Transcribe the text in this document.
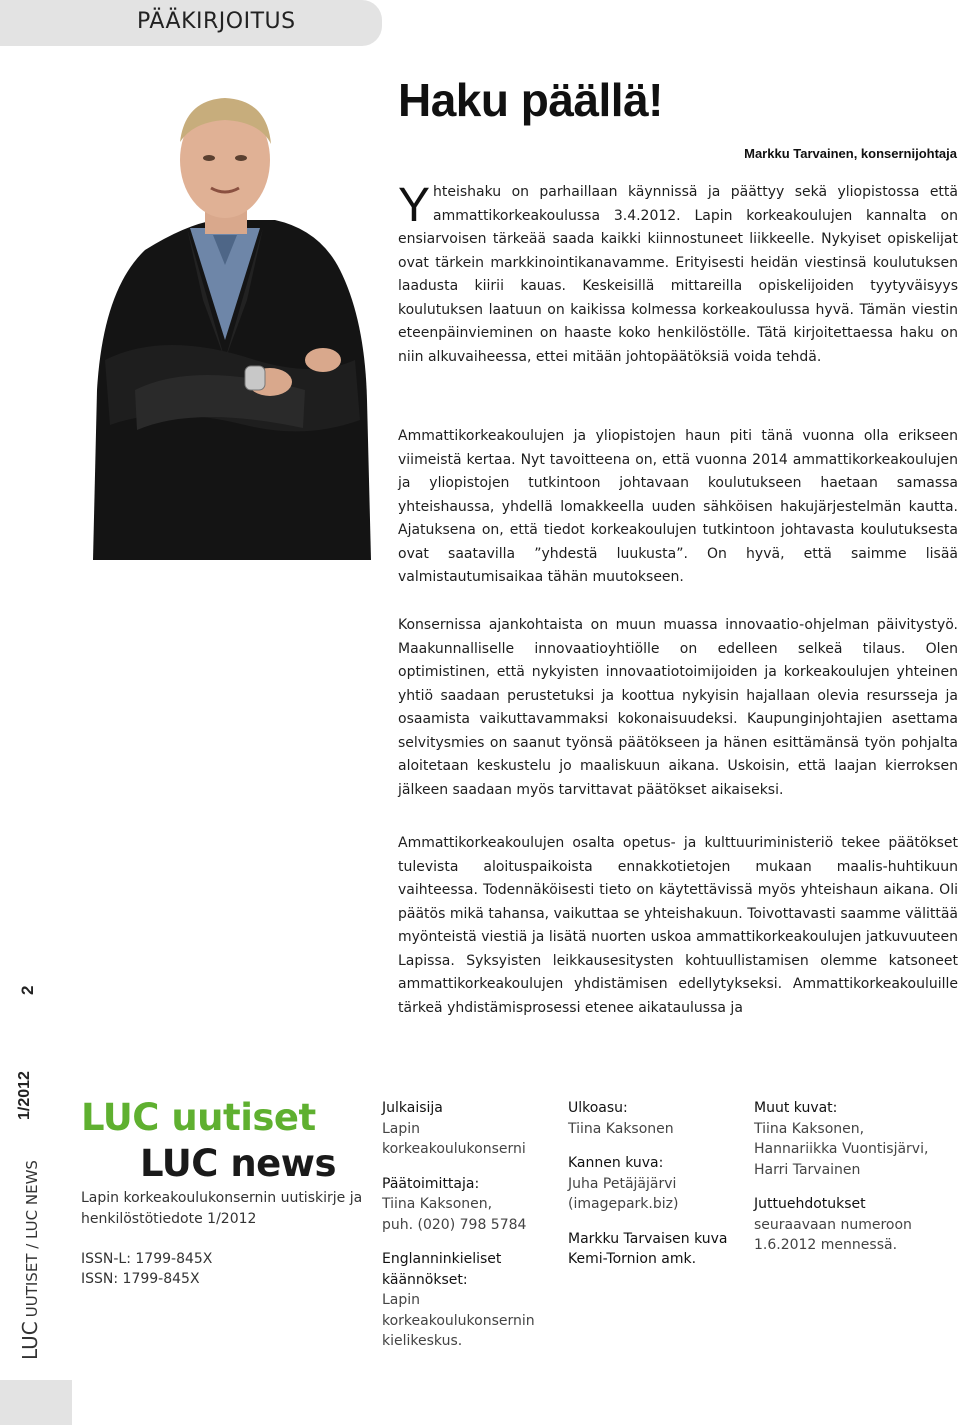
PÄÄKIRJOITUS
Haku päällä!
Markku Tarvainen, konsernijohtaja

Yhteishaku on parhaillaan käynnissä ja päättyy sekä yliopistossa että ammattikorkeakoulussa 3.4.2012. Lapin korkeakoulujen kannalta on ensiarvoisen tärkeää saada kaikki kiinnostuneet liikkeelle. Nykyiset opiskelijat ovat tärkein markkinointikanavamme. Erityisesti heidän viestinsä koulutuksen laadusta kiirii kauas. Keskeisillä mittareilla opiskelijoiden tyytyväisyys koulutuksen laatuun on kaikissa kolmessa korkeakoulussa hyvä. Tämän viestin eteenpäinvieminen on haaste koko henkilöstölle. Tätä kirjoitettaessa haku on niin alkuvaiheessa, ettei mitään johtopäätöksiä voida tehdä.

Ammattikorkeakoulujen ja yliopistojen haun piti tänä vuonna olla erikseen viimeistä kertaa. Nyt tavoitteena on, että vuonna 2014 ammattikorkeakoulujen ja yliopistojen tutkintoon johtavaan koulutukseen haetaan samassa yhteishaussa, yhdellä lomakkeella uuden sähköisen hakujärjestelmän kautta. Ajatuksena on, että tiedot korkeakoulujen tutkintoon johtavasta koulutuksesta ovat saatavilla ”yhdestä luukusta”. On hyvä, että saimme lisää valmistautumisaikaa tähän muutokseen.

Konsernissa ajankohtaista on muun muassa innovaatio-ohjelman päivitystyö. Maakunnalliselle innovaatioyhtiölle on edelleen selkeä tilaus. Olen optimistinen, että nykyisten innovaatiotoimijoiden ja korkeakoulujen yhteinen yhtiö saadaan perustetuksi ja koottua nykyisin hajallaan olevia resursseja ja osaamista vaikuttavammaksi kokonaisuudeksi. Kaupunginjohtajien asettama selvitysmies on saanut työnsä päätökseen ja hänen esittämänsä työn pohjalta aloitetaan keskustelu jo maaliskuun aikana. Uskoisin, että laajan kierroksen jälkeen saadaan myös tarvittavat päätökset aikaiseksi.

Ammattikorkeakoulujen osalta opetus- ja kulttuuriministeriö tekee päätökset tulevista aloituspaikoista ennakkotietojen mukaan maalis-huhtikuun vaihteessa. Todennäköisesti tieto on käytettävissä myös yhteishaun aikana. Oli päätös mikä tahansa, vaikuttaa se yhteishakuun. Toivottavasti saamme välittää myönteistä viestiä ja lisätä nuorten uskoa ammattikorkeakoulujen jatkuvuuteen Lapissa. Syksyisten leikkausesitysten kohtuullistamisen olemme katsoneet ammattikorkeakoulujen yhdistämisen edellytykseksi. Ammattikorkeakouluille tärkeä yhdistämisprosessi etenee aikataulussa ja

2
1/2012
LUCUUTISET / LUC NEWS
LUC uutiset
LUC news
Lapin korkeakoulukonsernin uutiskirje ja henkilöstötiedote 1/2012
ISSN-L: 1799-845X
ISSN: 1799-845X
Julkaisija
Lapin korkeakoulukonserni
Päätoimittaja:
Tiina Kaksonen,
puh. (020) 798 5784
Englanninkieliset käännökset:
Lapin korkeakoulukonsernin kielikeskus.
Ulkoasu:
Tiina Kaksonen
Kannen kuva:
Juha Petäjäjärvi (imagepark.biz)
Markku Tarvaisen kuva Kemi-Tornion amk.
Muut kuvat:
Tiina Kaksonen, Hannariikka Vuontisjärvi, Harri Tarvainen
Juttuehdotukset
seuraavaan numeroon 1.6.2012 mennessä.
